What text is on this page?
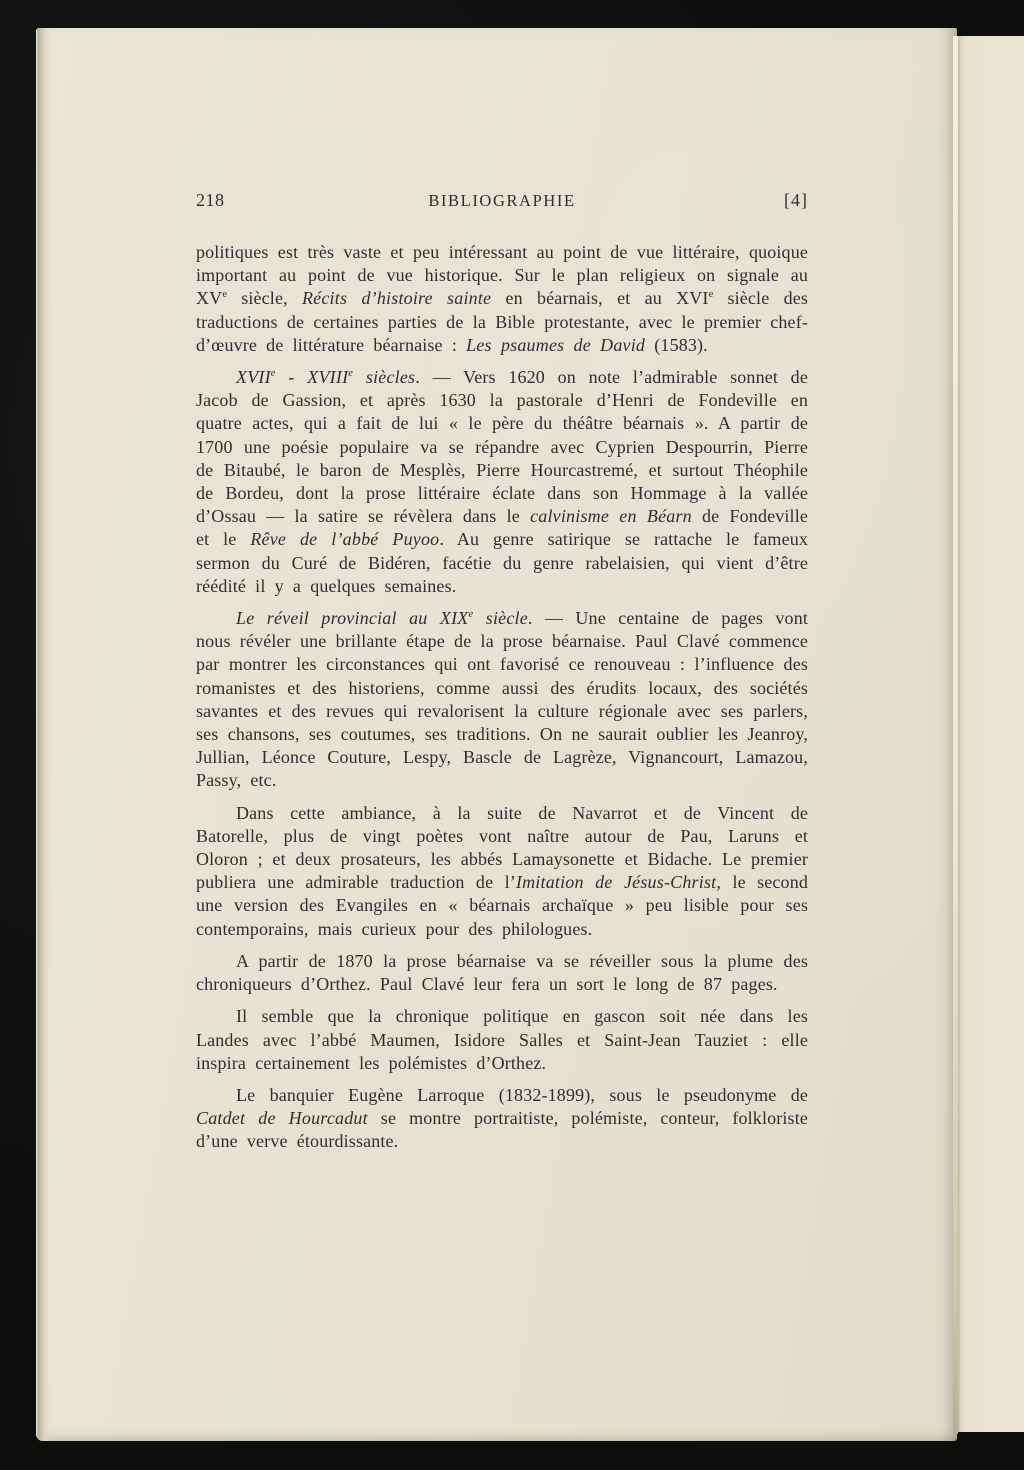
218	BIBLIOGRAPHIE	[4]

politiques est très vaste et peu intéressant au point de vue littéraire, quoique important au point de vue historique. Sur le plan religieux on signale au XVe siècle, Récits d’histoire sainte en béarnais, et au XVIe siècle des traductions de certaines parties de la Bible protestante, avec le premier chef-d’œuvre de littérature béarnaise : Les psaumes de David (1583).

XVIIe - XVIIIe siècles. — Vers 1620 on note l’admirable sonnet de Jacob de Gassion, et après 1630 la pastorale d’Henri de Fondeville en quatre actes, qui a fait de lui « le père du théâtre béarnais ». A partir de 1700 une poésie populaire va se répandre avec Cyprien Despourrin, Pierre de Bitaubé, le baron de Mesplès, Pierre Hourcastremé, et surtout Théophile de Bordeu, dont la prose littéraire éclate dans son Hommage à la vallée d’Ossau — la satire se révèlera dans le calvinisme en Béarn de Fondeville et le Rêve de l’abbé Puyoo. Au genre satirique se rattache le fameux sermon du Curé de Bidéren, facétie du genre rabelaisien, qui vient d’être réédité il y a quelques semaines.

Le réveil provincial au XIXe siècle. — Une centaine de pages vont nous révéler une brillante étape de la prose béarnaise. Paul Clavé commence par montrer les circonstances qui ont favorisé ce renouveau : l’influence des romanistes et des historiens, comme aussi des érudits locaux, des sociétés savantes et des revues qui revalorisent la culture régionale avec ses parlers, ses chansons, ses coutumes, ses traditions. On ne saurait oublier les Jeanroy, Jullian, Léonce Couture, Lespy, Bascle de Lagrèze, Vignancourt, Lamazou, Passy, etc.

Dans cette ambiance, à la suite de Navarrot et de Vincent de Batorelle, plus de vingt poètes vont naître autour de Pau, Laruns et Oloron ; et deux prosateurs, les abbés Lamaysonette et Bidache. Le premier publiera une admirable traduction de l’Imitation de Jésus-Christ, le second une version des Evangiles en « béarnais archaïque » peu lisible pour ses contemporains, mais curieux pour des philologues.

A partir de 1870 la prose béarnaise va se réveiller sous la plume des chroniqueurs d’Orthez. Paul Clavé leur fera un sort le long de 87 pages.

Il semble que la chronique politique en gascon soit née dans les Landes avec l’abbé Maumen, Isidore Salles et Saint-Jean Tauziet : elle inspira certainement les polémistes d’Orthez.

Le banquier Eugène Larroque (1832-1899), sous le pseudonyme de Catdet de Hourcadut se montre portraitiste, polémiste, conteur, folkloriste d’une verve étourdissante.
